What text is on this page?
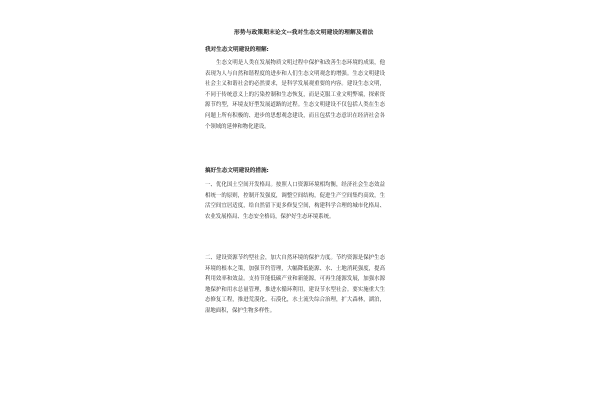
形势与政策期末论文--我对生态文明建设的理解及看法
我对生态文明建设的理解:
生态文明是人类在发展物质文明过程中保护和改善生态环境的成果，他表现为人与自然和谐程度的进步和人们生态文明观念的增强。生态文明建设社会主义和谐社会的必然要求，是科学发展观重要的内容。建设生态文明，不同于传统意义上的污染控制和生态恢复，而是克服工业文明弊端，探索资源节约型，环境友好型发展道路的过程。生态文明建设不仅包括人类在生态问题上所有积极的、进步的思想观念建设，而且包括生态意识在经济社会各个领域的延伸和物化建设。
搞好生态文明建设的措施:
一、优化国土空间开发格局。按照人口资源环境相均衡，经济社会生态效益相统一的原则，控制开发强度，调整空间结构，促进生产空间集约高效，生活空间宜居适度，给自然留下更多修复空间，构建科学合理的城市化格局、农业发展格局、生态安全格局，保护好生态环境系统。
二、建设资源节约型社会，加大自然环境的保护力度。节约资源是保护生态环境的根本之策，加强节约管理，大幅降低能源、水、土地消耗强度，提高利用效率和效益。支持节能低碳产业和新能源，可再生能源发展，加强水源地保护和用水总量管理，推进水循环利用，建设节水型社会。要实施重大生态修复工程，推进荒漠化、石漠化，水土流失综合治理，扩大森林，湖泊，湿地面积，保护生物多样性。
